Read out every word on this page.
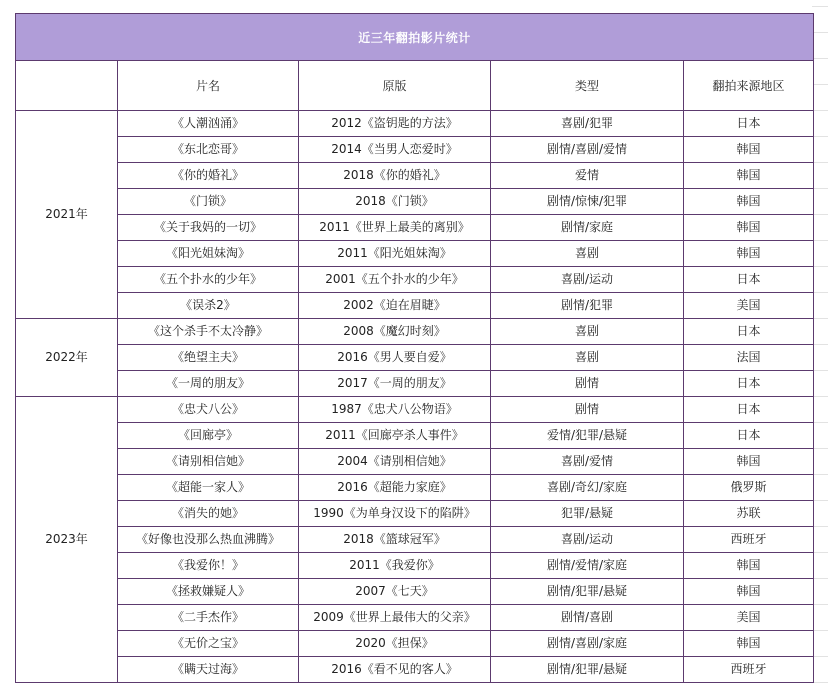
近三年翻拍影片统计				
	片名	原版	类型	翻拍来源地区
2021年	《人潮汹涌》	2012《盗钥匙的方法》	喜剧/犯罪	日本
	《东北恋哥》	2014《当男人恋爱时》	剧情/喜剧/爱情	韩国
	《你的婚礼》	2018《你的婚礼》	爱情	韩国
	《门锁》	2018《门锁》	剧情/惊悚/犯罪	韩国
	《关于我妈的一切》	2011《世界上最美的离别》	剧情/家庭	韩国
	《阳光姐妹淘》	2011《阳光姐妹淘》	喜剧	韩国
	《五个扑水的少年》	2001《五个扑水的少年》	喜剧/运动	日本
	《误杀2》	2002《迫在眉睫》	剧情/犯罪	美国
2022年	《这个杀手不太冷静》	2008《魔幻时刻》	喜剧	日本
	《绝望主夫》	2016《男人要自爱》	喜剧	法国
	《一周的朋友》	2017《一周的朋友》	剧情	日本
2023年	《忠犬八公》	1987《忠犬八公物语》	剧情	日本
	《回廊亭》	2011《回廊亭杀人事件》	爱情/犯罪/悬疑	日本
	《请别相信她》	2004《请别相信她》	喜剧/爱情	韩国
	《超能一家人》	2016《超能力家庭》	喜剧/奇幻/家庭	俄罗斯
	《消失的她》	1990《为单身汉设下的陷阱》	犯罪/悬疑	苏联
	《好像也没那么热血沸腾》	2018《篮球冠军》	喜剧/运动	西班牙
	《我爱你！》	2011《我爱你》	剧情/爱情/家庭	韩国
	《拯救嫌疑人》	2007《七天》	剧情/犯罪/悬疑	韩国
	《二手杰作》	2009《世界上最伟大的父亲》	剧情/喜剧	美国
	《无价之宝》	2020《担保》	剧情/喜剧/家庭	韩国
	《瞒天过海》	2016《看不见的客人》	剧情/犯罪/悬疑	西班牙
